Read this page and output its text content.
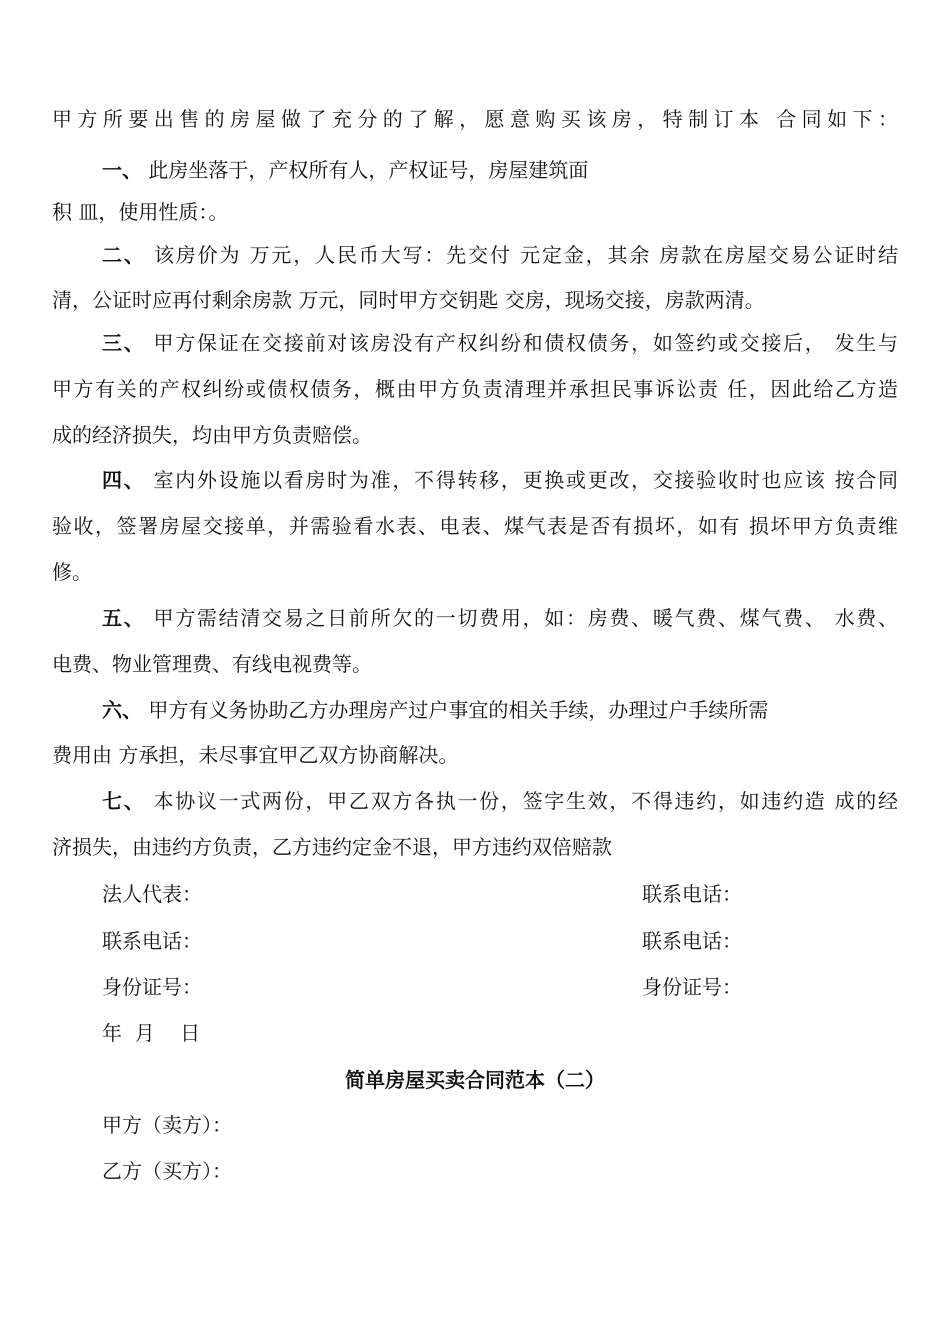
甲方所要出售的房屋做了充分的了解，愿意购买该房，特制订本 合同如下：
一、 此房坐落于，产权所有人，产权证号，房屋建筑面
积 皿，使用性质：。
二、 该房价为 万元，人民币大写：先交付 元定金，其余 房款在房屋交易公证时结
清，公证时应再付剩余房款 万元，同时甲方交钥匙 交房，现场交接，房款两清。
三、 甲方保证在交接前对该房没有产权纠纷和债权债务，如签约或交接后， 发生与
甲方有关的产权纠纷或债权债务，概由甲方负责清理并承担民事诉讼责 任，因此给乙方造
成的经济损失，均由甲方负责赔偿。
四、 室内外设施以看房时为准，不得转移，更换或更改，交接验收时也应该 按合同
验收，签署房屋交接单，并需验看水表、电表、煤气表是否有损坏，如有 损坏甲方负责维
修。
五、 甲方需结清交易之日前所欠的一切费用，如：房费、暖气费、煤气费、 水费、
电费、物业管理费、有线电视费等。
六、 甲方有义务协助乙方办理房产过户事宜的相关手续，办理过户手续所需
费用由 方承担，未尽事宜甲乙双方协商解决。
七、 本协议一式两份，甲乙双方各执一份，签字生效，不得违约，如违约造 成的经
济损失，由违约方负责，乙方违约定金不退，甲方违约双倍赔款
法人代表：	联系电话：
联系电话：	联系电话：
身份证号：	身份证号：
年  月    日
简单房屋买卖合同范本（二）
甲方（卖方）：
乙方（买方）：
